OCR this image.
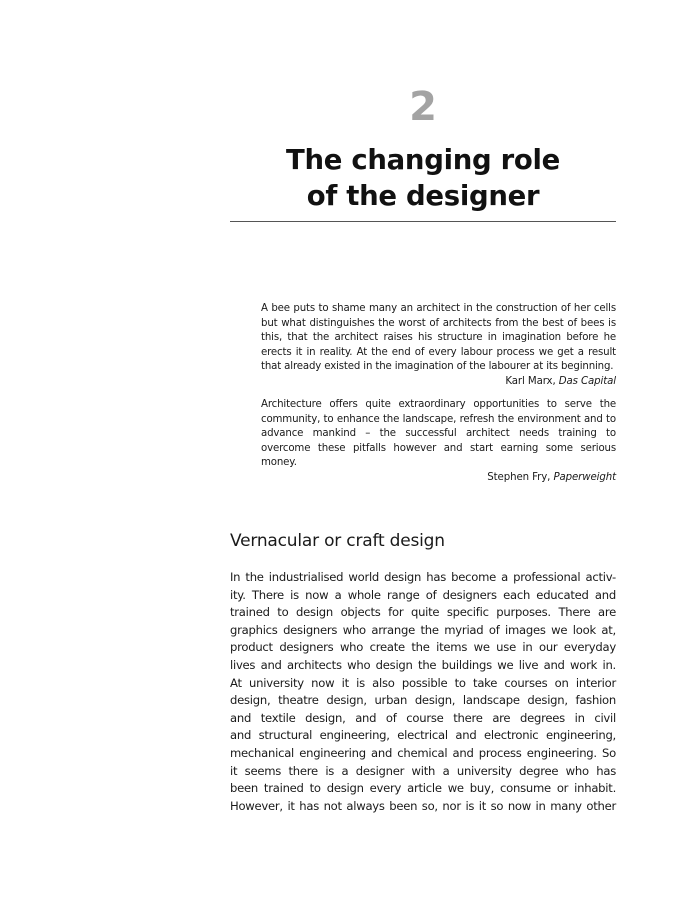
2
The changing role
of the designer

A bee puts to shame many an architect in the construction of her cells but what distinguishes the worst of architects from the best of bees is this, that the architect raises his structure in imagination before he erects it in reality. At the end of every labour process we get a result that already existed in the imagination of the labourer at its beginning.

Karl Marx, Das Capital

Architecture offers quite extraordinary opportunities to serve the community, to enhance the landscape, refresh the environment and to advance mankind – the successful architect needs training to overcome these pitfalls however and start earning some serious money.

Stephen Fry, Paperweight

Vernacular or craft design
In the industrialised world design has become a professional activ-
ity. There is now a whole range of designers each educated and
trained to design objects for quite specific purposes. There are
graphics designers who arrange the myriad of images we look at,
product designers who create the items we use in our everyday
lives and architects who design the buildings we live and work in.
At university now it is also possible to take courses on interior
design, theatre design, urban design, landscape design, fashion
and textile design, and of course there are degrees in civil
and structural engineering, electrical and electronic engineering,
mechanical engineering and chemical and process engineering. So
it seems there is a designer with a university degree who has
been trained to design every article we buy, consume or inhabit.
However, it has not always been so, nor is it so now in many other
